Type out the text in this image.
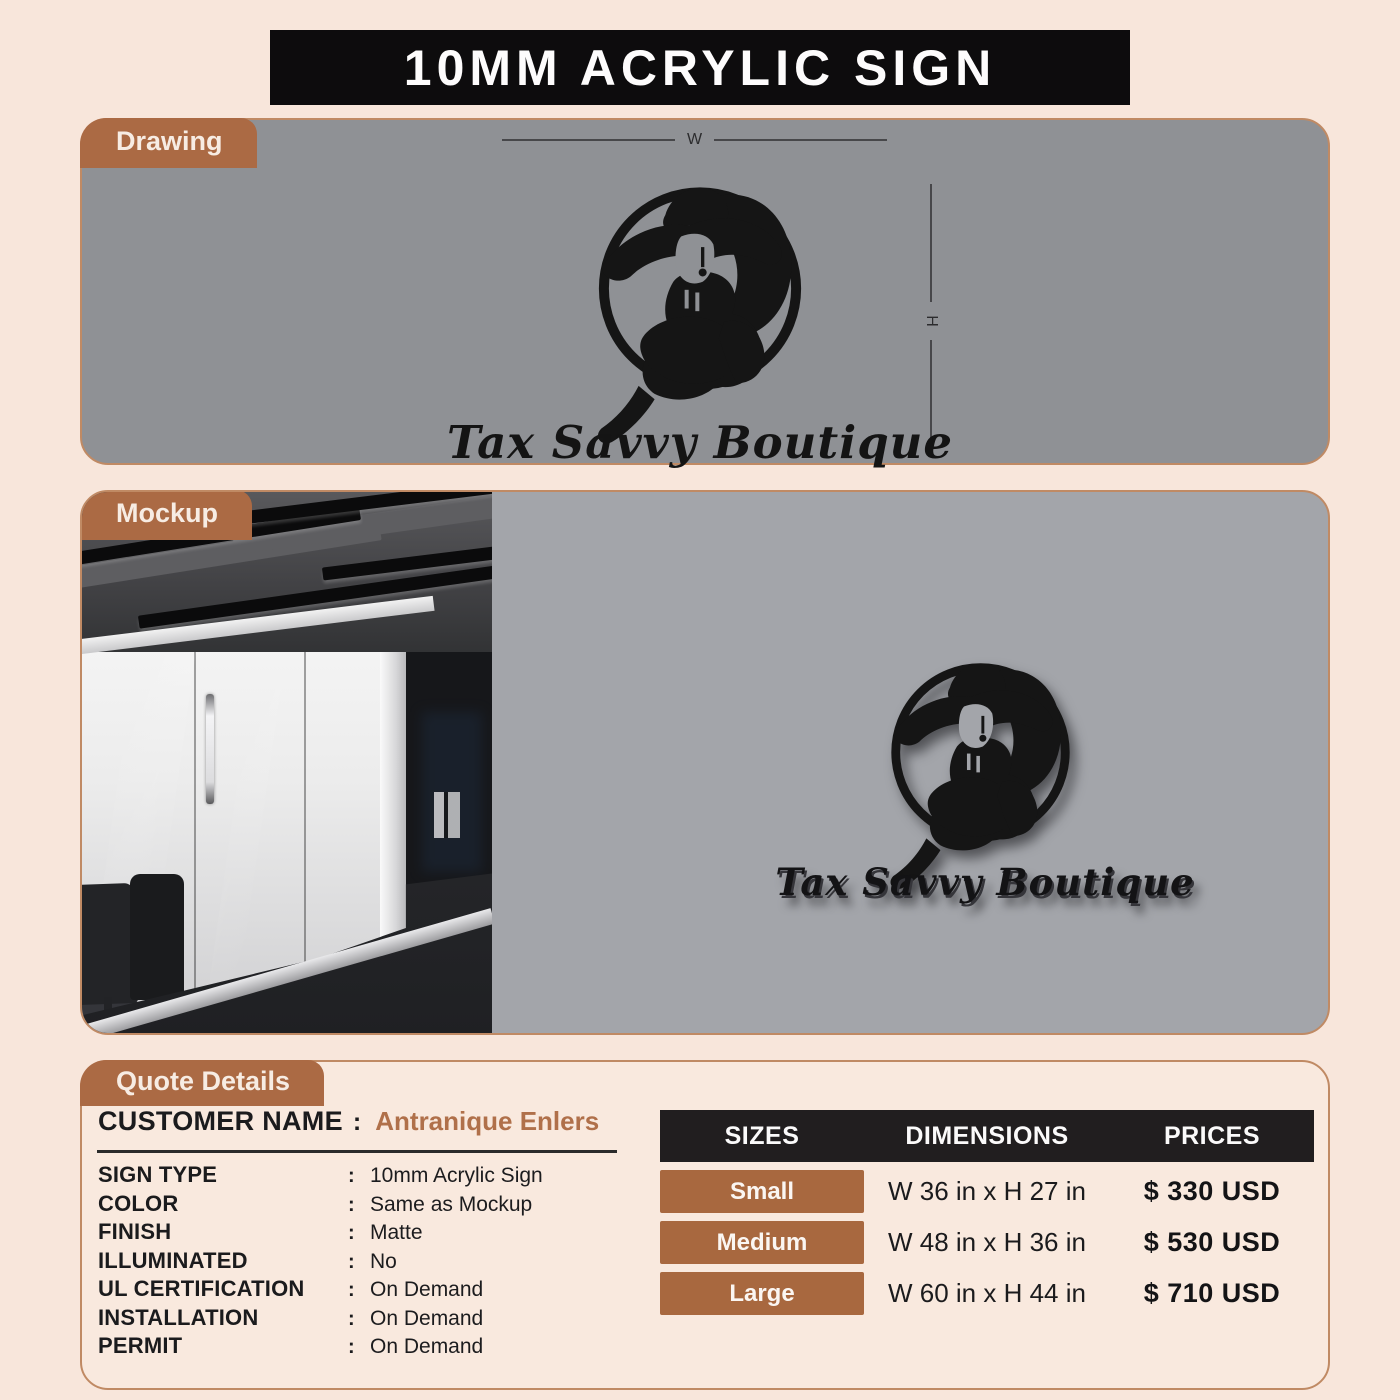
10MM ACRYLIC SIGN
Drawing	W
H
Tax Savvy Boutique
Tax Savvy Boutique
Mockup
Quote Details
CUSTOMER NAME : Antranique Enlers
SIGN TYPE	: 10mm Acrylic Sign
COLOR	: Same as Mockup
FINISH	: Matte
ILLUMINATED	: No
UL CERTIFICATION	: On Demand
INSTALLATION	: On Demand
PERMIT	: On Demand
SIZES	DIMENSIONS	PRICES
Small	W 36 in x H 27 in	$ 330 USD
Medium	W 48 in x H 36 in	$ 530 USD
Large	W 60 in x H 44 in	$ 710 USD
